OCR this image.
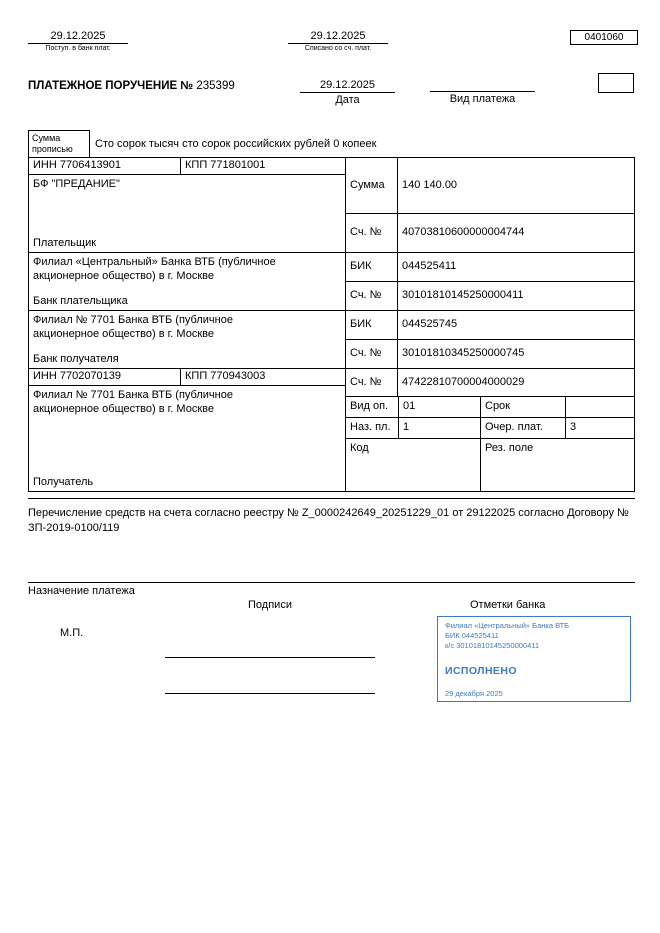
29.12.2025
Поступ. в банк плат.
29.12.2025
Списано со сч. плат.
0401060
ПЛАТЕЖНОЕ ПОРУЧЕНИЕ № 235399	29.12.2025
Дата	Вид платежа
Сумма прописью	Сто сорок тысяч сто сорок российских рублей 0 копеек
ИНН 7706413901	КПП 771801001
БФ "ПРЕДАНИЕ"
Плательщик
Филиал «Центральный» Банка ВТБ (публичное акционерное общество) в г. Москве
Банк плательщика
Филиал № 7701 Банка ВТБ (публичное акционерное общество) в г. Москве
Банк получателя
ИНН 7702070139	КПП 770943003
Филиал № 7701 Банка ВТБ (публичное акционерное общество) в г. Москве
Получатель
Сумма	140 140.00
Сч. №	40703810600000004744
БИК	044525411
Сч. №	30101810145250000411
БИК	044525745
Сч. №	30101810345250000745
Сч. №	47422810700004000029
Вид оп.	01	Срок
Наз. пл.	1	Очер. плат.	3
Код	Рез. поле
Перечисление средств на счета согласно реестру № Z_0000242649_20251229_01 от 29122025 согласно Договору № ЗП-2019-0100/119
Назначение платежа
Подписи	Отметки банка
М.П.
Филиал «Центральный» Банка ВТБ
БИК 044525411
к/с 30101810145250000411
ИСПОЛНЕНО
29 декабря 2025
